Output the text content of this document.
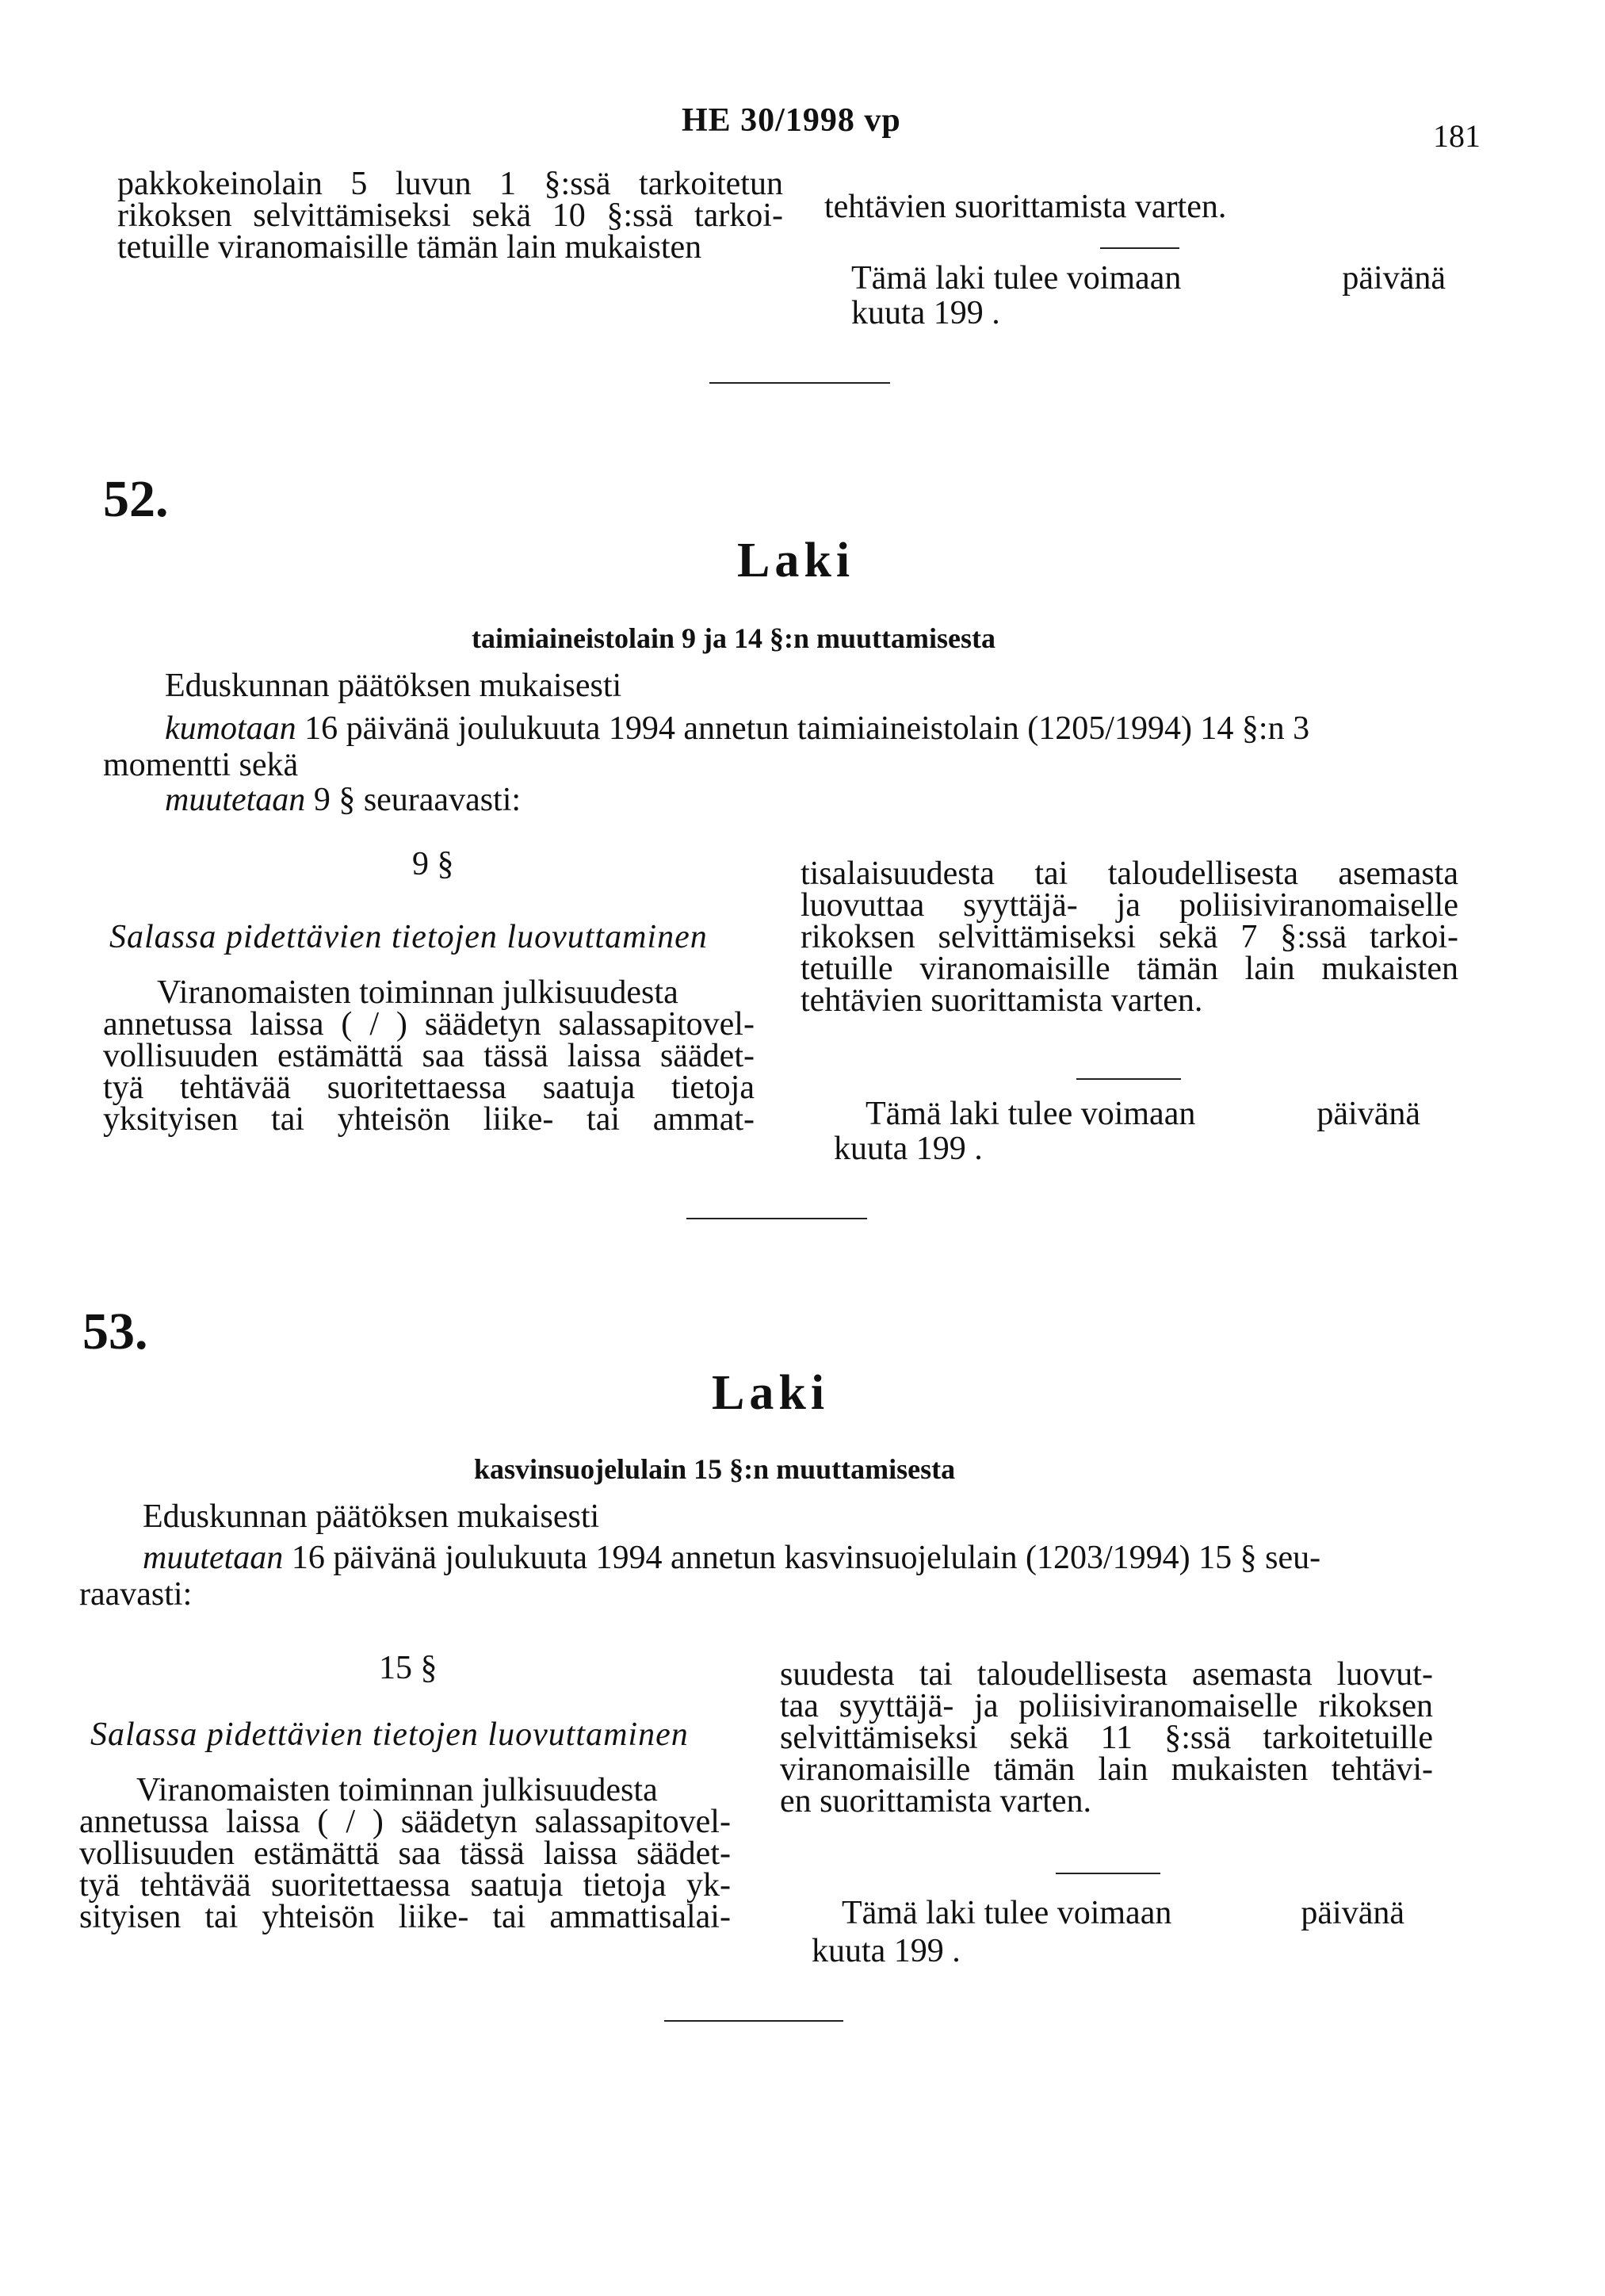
HE 30/1998 vp	181
pakkokeinolain 5 luvun 1 §:ssä tarkoitetun
rikoksen selvittämiseksi sekä 10 §:ssä tarkoi-
tetuille viranomaisille tämän lain mukaisten
tehtävien suorittamista varten.
Tämä laki tulee voimaan	päivänä
kuuta 199 .
52.
Laki
taimiaineistolain 9 ja 14 §:n muuttamisesta
Eduskunnan päätöksen mukaisesti
kumotaan 16 päivänä joulukuuta 1994 annetun taimiaineistolain (1205/1994) 14 §:n 3
momentti sekä
muutetaan 9 § seuraavasti:
9 §
Salassa pidettävien tietojen luovuttaminen
Viranomaisten toiminnan julkisuudesta
annetussa laissa ( / ) säädetyn salassapitovel-
vollisuuden estämättä saa tässä laissa säädet-
tyä tehtävää suoritettaessa saatuja tietoja
yksityisen tai yhteisön liike- tai ammat-
tisalaisuudesta tai taloudellisesta asemasta
luovuttaa syyttäjä- ja poliisiviranomaiselle
rikoksen selvittämiseksi sekä 7 §:ssä tarkoi-
tetuille viranomaisille tämän lain mukaisten
tehtävien suorittamista varten.
Tämä laki tulee voimaan	päivänä
kuuta 199 .
53.
Laki
kasvinsuojelulain 15 §:n muuttamisesta
Eduskunnan päätöksen mukaisesti
muutetaan 16 päivänä joulukuuta 1994 annetun kasvinsuojelulain (1203/1994) 15 § seu-
raavasti:
15 §
Salassa pidettävien tietojen luovuttaminen
Viranomaisten toiminnan julkisuudesta
annetussa laissa ( / ) säädetyn salassapitovel-
vollisuuden estämättä saa tässä laissa säädet-
tyä tehtävää suoritettaessa saatuja tietoja yk-
sityisen tai yhteisön liike- tai ammattisalai-
suudesta tai taloudellisesta asemasta luovut-
taa syyttäjä- ja poliisiviranomaiselle rikoksen
selvittämiseksi sekä 11 §:ssä tarkoitetuille
viranomaisille tämän lain mukaisten tehtävi-
en suorittamista varten.
Tämä laki tulee voimaan	päivänä
kuuta 199 .
